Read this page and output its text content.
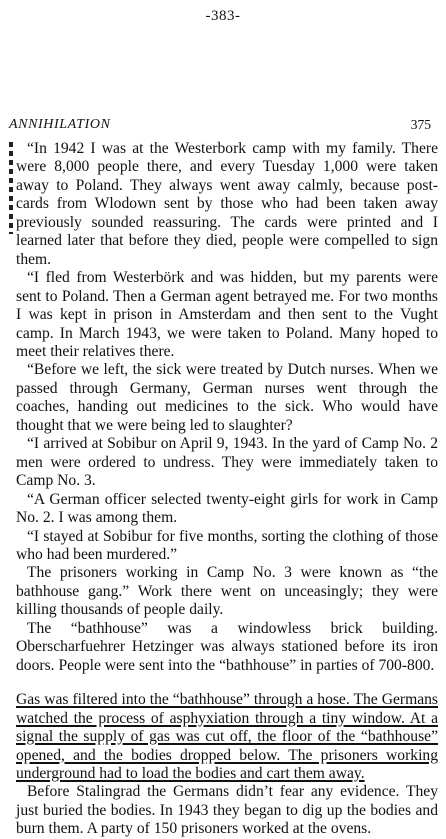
-383-
ANNIHILATION	375

“In 1942 I was at the Westerbork camp with my family. There were 8,000 people there, and every Tuesday 1,000 were taken away to Poland. They always went away calmly, because post-cards from Wlodown sent by those who had been taken away previously sounded reassuring. The cards were printed and I learned later that before they died, people were compelled to sign them.

“I fled from Westerbörk and was hidden, but my parents were sent to Poland. Then a German agent betrayed me. For two months I was kept in prison in Amsterdam and then sent to the Vught camp. In March 1943, we were taken to Poland. Many hoped to meet their relatives there.

“Before we left, the sick were treated by Dutch nurses. When we passed through Germany, German nurses went through the coaches, handing out medicines to the sick. Who would have thought that we were being led to slaughter?

“I arrived at Sobibur on April 9, 1943. In the yard of Camp No. 2 men were ordered to undress. They were immediately taken to Camp No. 3.

“A German officer selected twenty-eight girls for work in Camp No. 2. I was among them.

“I stayed at Sobibur for five months, sorting the clothing of those who had been murdered.”

The prisoners working in Camp No. 3 were known as “the bathhouse gang.” Work there went on unceasingly; they were killing thousands of people daily.

The “bathhouse” was a windowless brick building. Oberscharfuehrer Hetzinger was always stationed before its iron doors. People were sent into the “bathhouse” in parties of 700-800.

Gas was filtered into the “bathhouse” through a hose. The Germans watched the process of asphyxiation through a tiny window. At a signal the supply of gas was cut off, the floor of the “bathhouse” opened, and the bodies dropped below. The prisoners working underground had to load the bodies and cart them away.

Before Stalingrad the Germans didn’t fear any evidence. They just buried the bodies. In 1943 they began to dig up the bodies and burn them. A party of 150 prisoners worked at the ovens.
